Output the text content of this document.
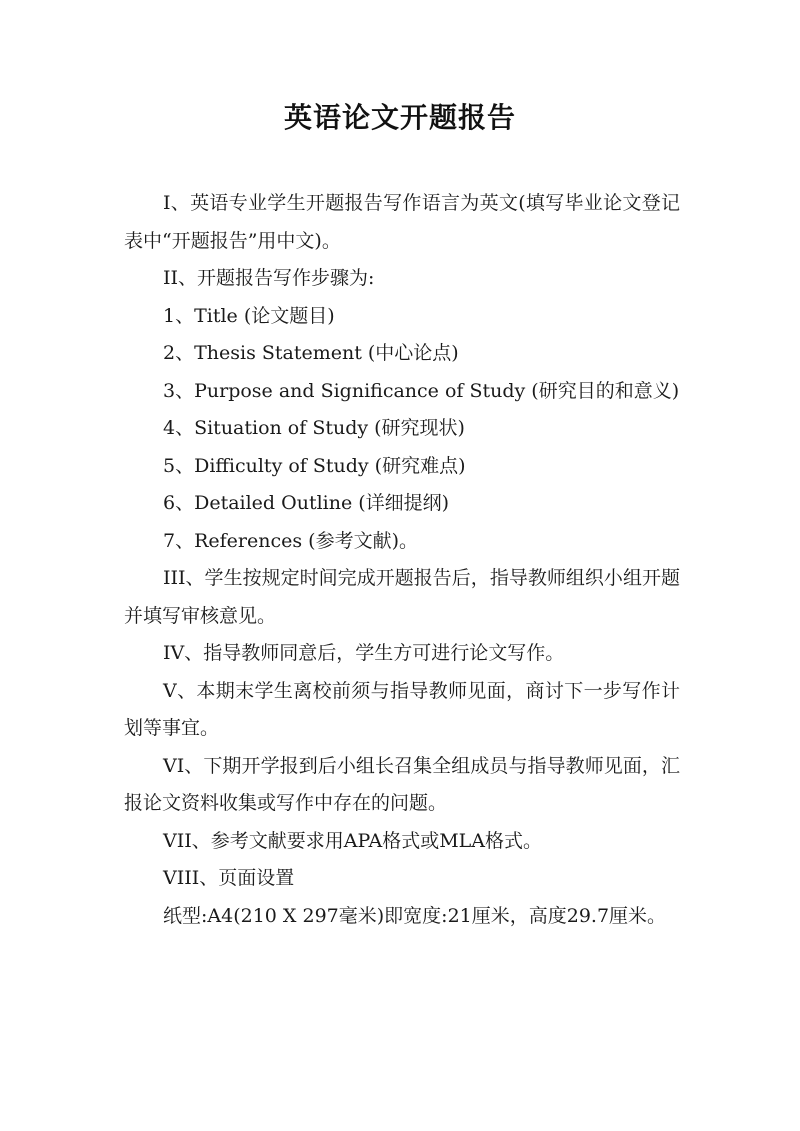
英语论文开题报告

I、英语专业学生开题报告写作语言为英文(填写毕业论文登记表中“开题报告”用中文)。

II、开题报告写作步骤为:

1、Title (论文题目)

2、Thesis Statement (中心论点)

3、Purpose and Significance of Study (研究目的和意义)

4、Situation of Study (研究现状)

5、Difficulty of Study (研究难点)

6、Detailed Outline (详细提纲)

7、References (参考文献)。

III、学生按规定时间完成开题报告后，指导教师组织小组开题并填写审核意见。

IV、指导教师同意后，学生方可进行论文写作。

V、本期末学生离校前须与指导教师见面，商讨下一步写作计划等事宜。

VI、下期开学报到后小组长召集全组成员与指导教师见面，汇报论文资料收集或写作中存在的问题。

VII、参考文献要求用APA格式或MLA格式。

VIII、页面设置

纸型:A4(210 X 297毫米)即宽度:21厘米，高度29.7厘米。
